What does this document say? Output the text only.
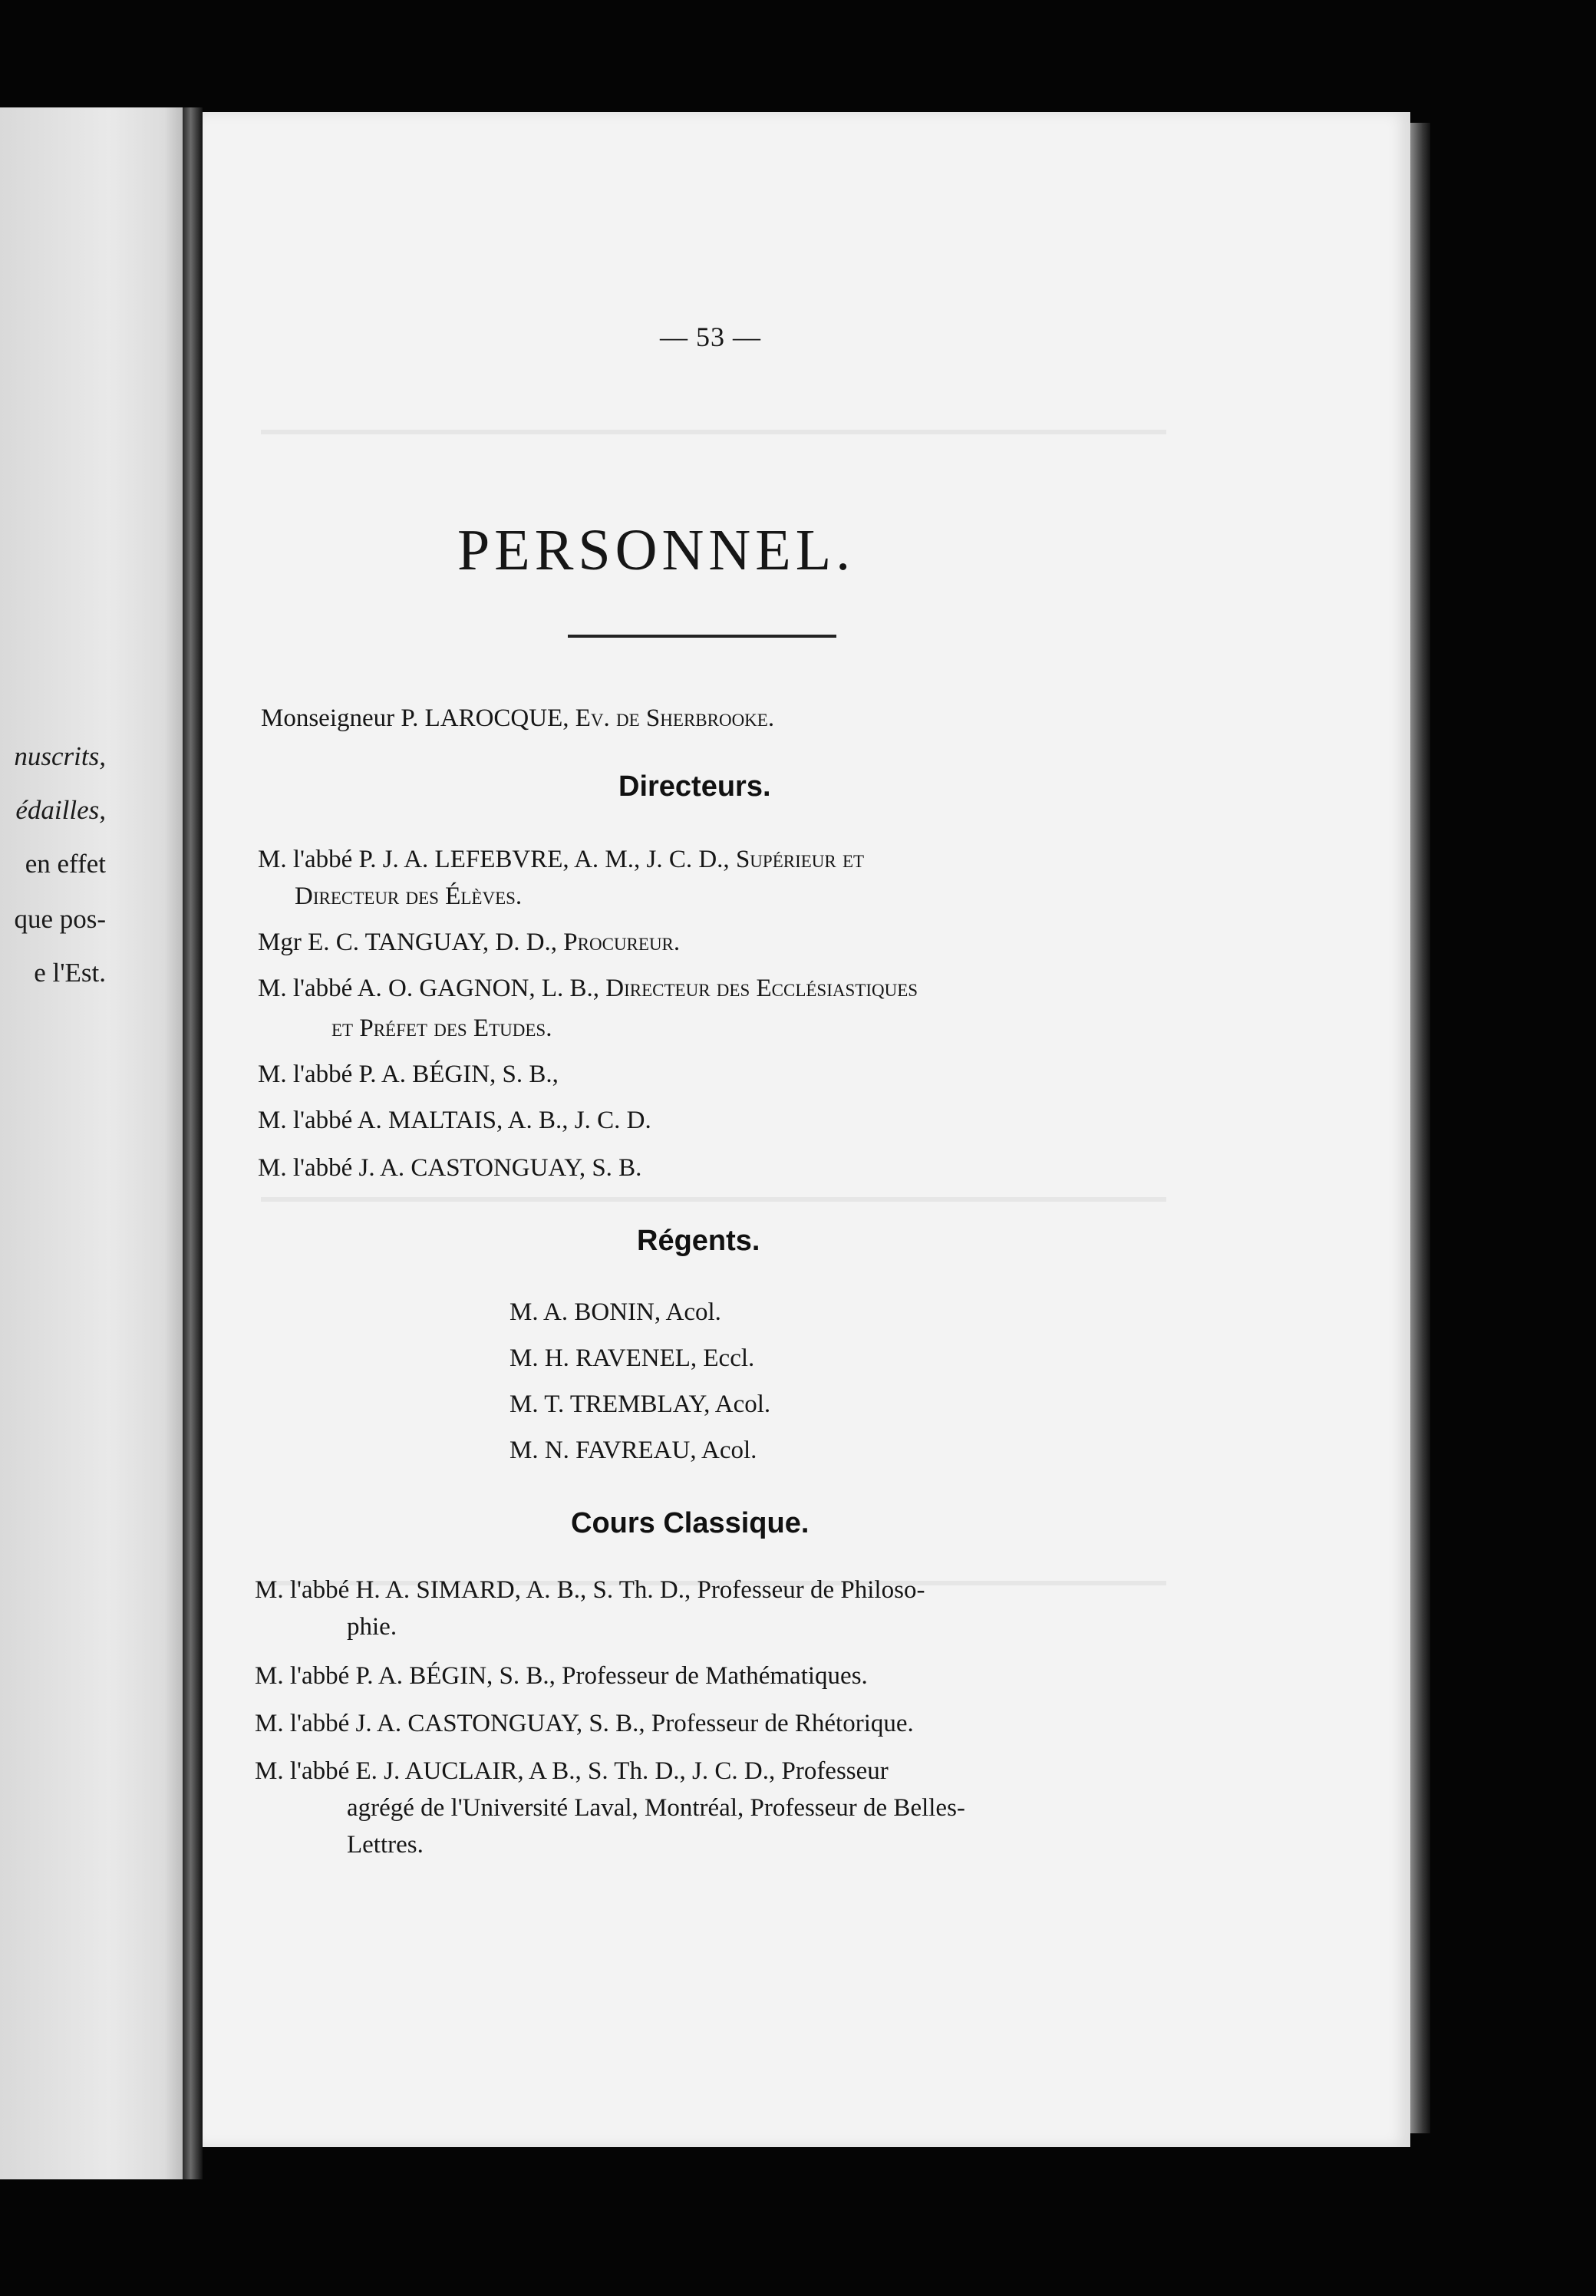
nuscrits,
édailles,
en effet
que pos-
e l'Est.
— 53 —
PERSONNEL.
Monseigneur P. LAROCQUE, Ev. de Sherbrooke.
Directeurs.
M. l'abbé P. J. A. LEFEBVRE, A. M., J. C. D., Supérieur et
Directeur des Élèves.
Mgr E. C. TANGUAY, D. D., Procureur.
M. l'abbé A. O. GAGNON, L. B., Directeur des Ecclésiastiques
et Préfet des Etudes.
M. l'abbé P. A. BÉGIN, S. B.,
M. l'abbé A. MALTAIS, A. B., J. C. D.
M. l'abbé J. A. CASTONGUAY, S. B.
Régents.
M. A. BONIN, Acol.
M. H. RAVENEL, Eccl.
M. T. TREMBLAY, Acol.
M. N. FAVREAU, Acol.
Cours Classique.
M. l'abbé H. A. SIMARD, A. B., S. Th. D., Professeur de Philoso-
phie.
M. l'abbé P. A. BÉGIN, S. B., Professeur de Mathématiques.
M. l'abbé J. A. CASTONGUAY, S. B., Professeur de Rhétorique.
M. l'abbé E. J. AUCLAIR, A B., S. Th. D., J. C. D., Professeur
agrégé de l'Université Laval, Montréal, Professeur de Belles-
Lettres.
